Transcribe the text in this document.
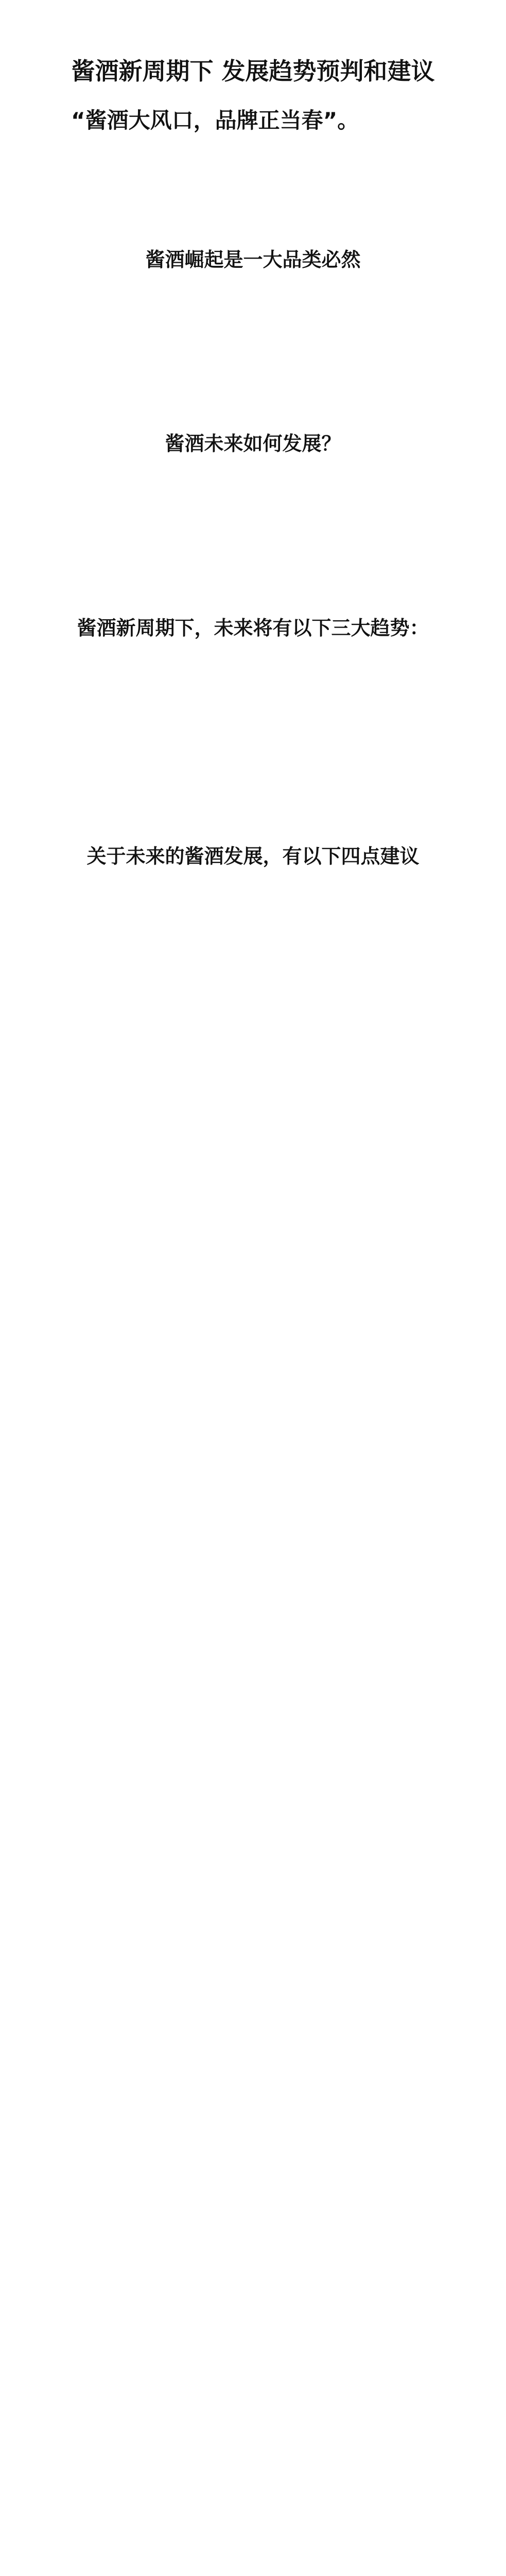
酱酒新周期下 发展趋势预判和建议
“酱酒大风口，品牌正当春”。

酱酒崛起是一大品类必然

酱酒未来如何发展？

酱酒新周期下，未来将有以下三大趋势：

关于未来的酱酒发展，有以下四点建议
